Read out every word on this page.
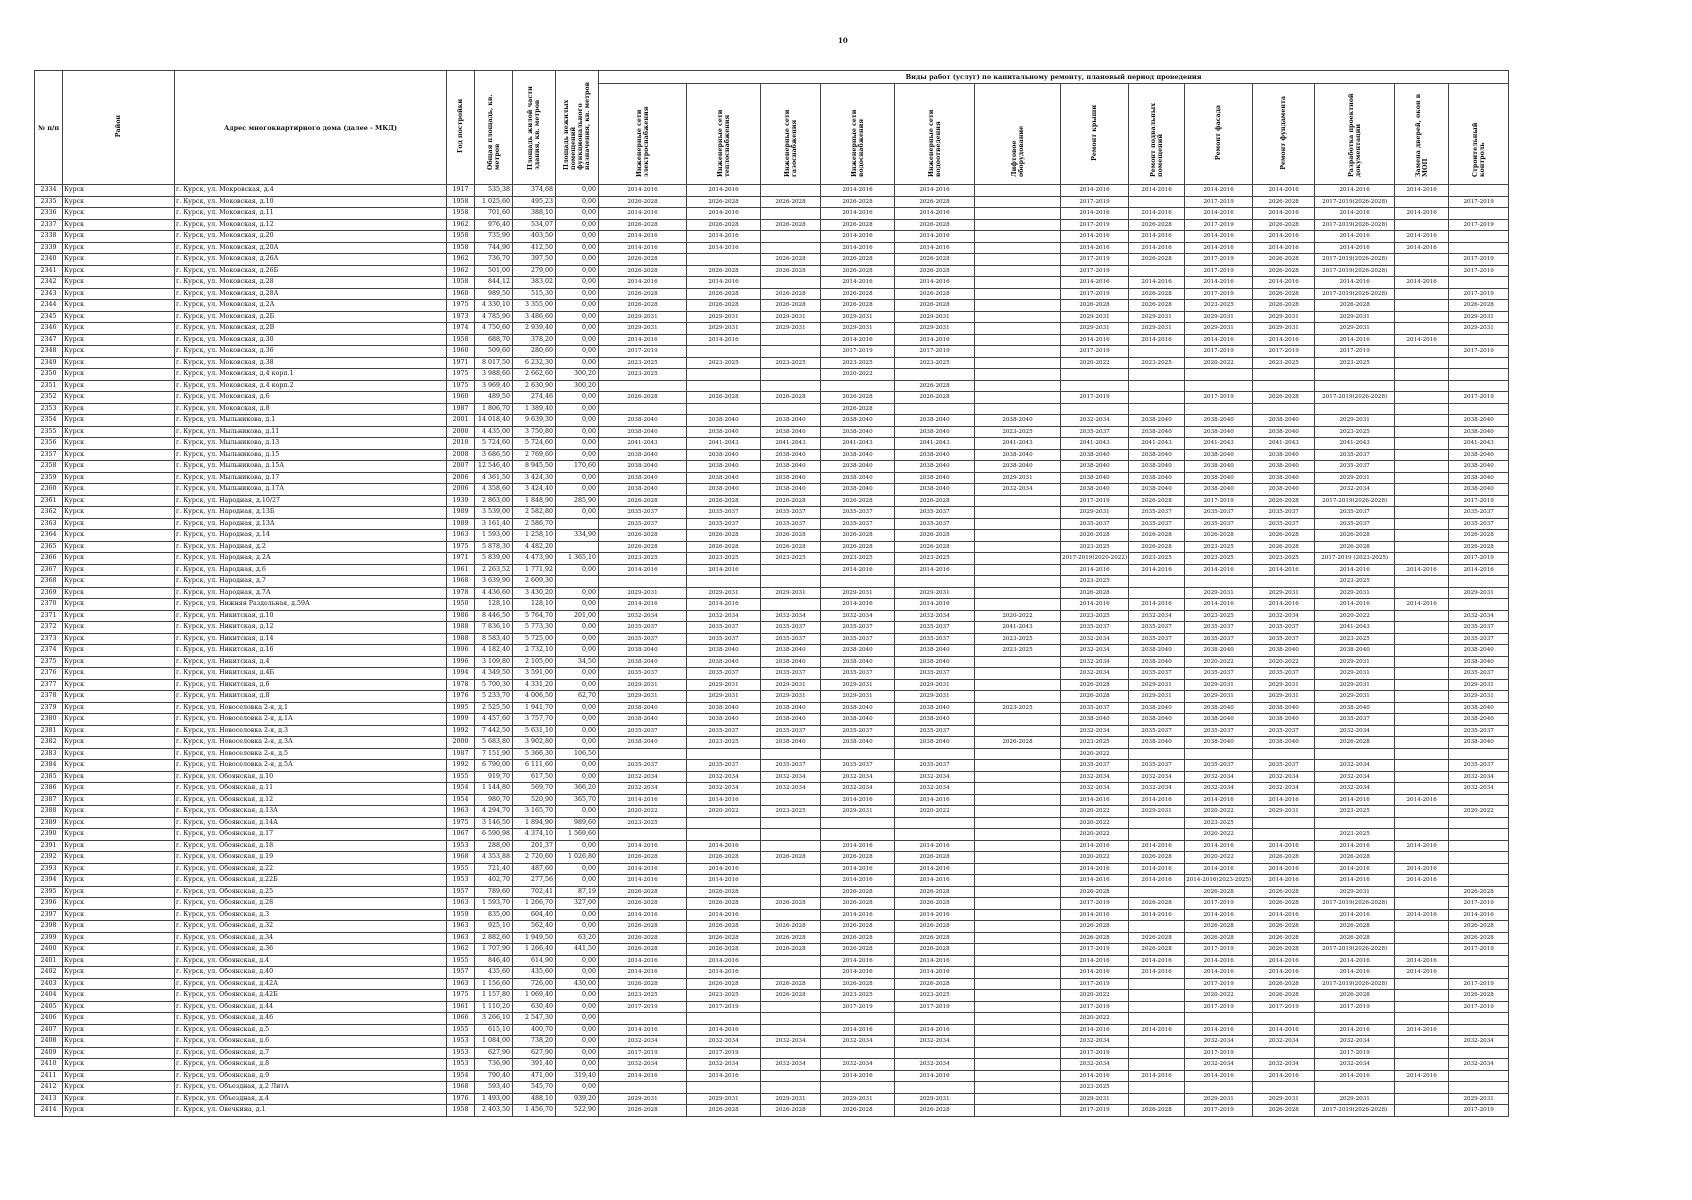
10
№ п/п	Район	Адрес многоквартирного дома (далее - МКД)	Год постройки	Общая площадь, кв. метров	Площадь жилой части здания, кв. метров	Площадь нежилых помещений функционального назначения, кв. метров	Виды работ (услуг) по капитальному ремонту, плановый период проведения												
							Инженерные сети электроснабжения	Инженерные сети теплоснабжения	Инженерные сети газоснабжения	Инженерные сети водоснабжения	Инженерные сети водоотведения	Лифтовое оборудование	Ремонт крыши	Ремонт подвальных помещений	Ремонт фасада	Ремонт фундамента	Разработка проектной документации	Замена дверей, окон в МОП	Строительный контроль
2334	Курск	г. Курск, ул. Мокровская, д.4	1917	535,38	374,68	0,00	2014-2016	2014-2016		2014-2016	2014-2016		2014-2016	2014-2016	2014-2016	2014-2016	2014-2016	2014-2016	
2335	Курск	г. Курск, ул. Моковская, д.10	1958	1 025,60	495,23	0,00	2026-2028	2026-2028	2026-2028	2026-2028	2026-2028		2017-2019		2017-2019	2026-2028	2017-2019(2026-2028)		2017-2019
2336	Курск	г. Курск, ул. Моковская, д.11	1958	701,60	388,10	0,00	2014-2016	2014-2016		2014-2016	2014-2016		2014-2016	2014-2016	2014-2016	2014-2016	2014-2016	2014-2016	
2337	Курск	г. Курск, ул. Моковская, д.12	1962	976,40	534,07	0,00	2026-2028	2026-2028	2026-2028	2026-2028	2026-2028		2017-2019	2026-2028	2017-2019	2026-2028	2017-2019(2026-2028)		2017-2019
2338	Курск	г. Курск, ул. Моковская, д.20	1958	735,90	403,50	0,00	2014-2016	2014-2016		2014-2016	2014-2016		2014-2016	2014-2016	2014-2016	2014-2016	2014-2016	2014-2016	
2339	Курск	г. Курск, ул. Моковская, д.20А	1958	744,90	412,50	0,00	2014-2016	2014-2016		2014-2016	2014-2016		2014-2016	2014-2016	2014-2016	2014-2016	2014-2016	2014-2016	
2340	Курск	г. Курск, ул. Моковская, д.26А	1962	736,70	397,50	0,00	2026-2028		2026-2028	2026-2028	2026-2028		2017-2019	2026-2028	2017-2019	2026-2028	2017-2019(2026-2028)		2017-2019
2341	Курск	г. Курск, ул. Моковская, д.26Б	1962	501,00	279,00	0,00	2026-2028	2026-2028	2026-2028	2026-2028	2026-2028		2017-2019		2017-2019	2026-2028	2017-2019(2026-2028)		2017-2019
2342	Курск	г. Курск, ул. Моковская, д.28	1958	844,12	383,02	0,00	2014-2016	2014-2016		2014-2016	2014-2016		2014-2016	2014-2016	2014-2016	2014-2016	2014-2016	2014-2016	
2343	Курск	г. Курск, ул. Моковская, д.28А	1960	989,50	515,30	0,00	2026-2028	2026-2028	2026-2028	2026-2028	2026-2028		2017-2019	2026-2028	2017-2019	2026-2028	2017-2019(2026-2028)		2017-2019
2344	Курск	г. Курск, ул. Моковская, д.2А	1975	4 330,10	3 355,00	0,00	2026-2028	2026-2028	2026-2028	2026-2028	2026-2028		2026-2028	2026-2028	2023-2025	2026-2028	2026-2028		2026-2028
2345	Курск	г. Курск, ул. Моковская, д.2Б	1973	4 785,90	3 486,60	0,00	2029-2031	2029-2031	2029-2031	2029-2031	2029-2031		2029-2031	2029-2031	2029-2031	2029-2031	2029-2031		2029-2031
2346	Курск	г. Курск, ул. Моковская, д.2В	1974	4 750,60	2 939,40	0,00	2029-2031	2029-2031	2029-2031	2029-2031	2029-2031		2029-2031	2029-2031	2029-2031	2029-2031	2029-2031		2029-2031
2347	Курск	г. Курск, ул. Моковская, д.30	1958	688,70	378,20	0,00	2014-2016	2014-2016		2014-2016	2014-2016		2014-2016	2014-2016	2014-2016	2014-2016	2014-2016	2014-2016	
2348	Курск	г. Курск, ул. Моковская, д.36	1960	509,60	280,60	0,00	2017-2019			2017-2019	2017-2019		2017-2019		2017-2019	2017-2019	2017-2019		2017-2019
2349	Курск	г. Курск, ул. Моковская, д.38	1971	8 017,50	6 232,30	0,00	2023-2025	2023-2025	2023-2025	2023-2025	2023-2025		2020-2022	2023-2025	2020-2022	2023-2025	2023-2025		
2350	Курск	г. Курск, ул. Моковская, д.4 корп.1	1975	3 988,60	2 662,60	300,20	2023-2025			2020-2022									
2351	Курск	г. Курск, ул. Моковская, д.4 корп.2	1975	3 969,40	2 630,90	300,20					2026-2028								
2352	Курск	г. Курск, ул. Моковская, д.6	1960	489,50	274,46	0,00	2026-2028	2026-2028	2026-2028	2026-2028	2026-2028		2017-2019		2017-2019	2026-2028	2017-2019(2026-2028)		2017-2019
2353	Курск	г. Курск, ул. Моковская, д.8	1987	1 806,70	1 389,40	0,00				2026-2028									
2354	Курск	г. Курск, ул. Мыльникова, д.1	2001	14 018,40	9 639,30	0,00	2038-2040	2038-2040	2038-2040	2038-2040	2038-2040	2038-2040	2032-2034	2038-2040	2038-2040	2038-2040	2029-2031		2038-2040
2355	Курск	г. Курск, ул. Мыльникова, д.11	2000	4 435,00	3 750,80	0,00	2038-2040	2038-2040	2038-2040	2038-2040	2038-2040	2023-2025	2035-2037	2038-2040	2038-2040	2038-2040	2023-2025		2038-2040
2356	Курск	г. Курск, ул. Мыльникова, д.13	2010	5 724,60	5 724,60	0,00	2041-2043	2041-2043	2041-2043	2041-2043	2041-2043	2041-2043	2041-2043	2041-2043	2041-2043	2041-2043	2041-2043		2041-2043
2357	Курск	г. Курск, ул. Мыльникова, д.15	2008	3 686,50	2 769,60	0,00	2038-2040	2038-2040	2038-2040	2038-2040	2038-2040	2038-2040	2038-2040	2038-2040	2038-2040	2038-2040	2035-2037		2038-2040
2358	Курск	г. Курск, ул. Мыльникова, д.15А	2007	12 546,40	8 945,50	170,60	2038-2040	2038-2040	2038-2040	2038-2040	2038-2040	2038-2040	2038-2040	2038-2040	2038-2040	2038-2040	2035-2037		2038-2040
2359	Курск	г. Курск, ул. Мыльникова, д.17	2006	4 361,50	3 424,30	0,00	2038-2040	2038-2040	2038-2040	2038-2040	2038-2040	2029-2031	2038-2040	2038-2040	2038-2040	2038-2040	2029-2031		2038-2040
2360	Курск	г. Курск, ул. Мыльникова, д.17А	2006	4 358,60	3 424,40	0,00	2038-2040	2038-2040	2038-2040	2038-2040	2038-2040	2032-2034	2038-2040	2038-2040	2038-2040	2038-2040	2032-2034		2038-2040
2361	Курск	г. Курск, ул. Народная, д.10/27	1939	2 863,00	1 848,90	285,90	2026-2028	2026-2028	2026-2028	2026-2028	2026-2028		2017-2019	2026-2028	2017-2019	2026-2028	2017-2019(2026-2028)		2017-2019
2362	Курск	г. Курск, ул. Народная, д.13Б	1989	3 539,00	2 582,80	0,00	2035-2037	2035-2037	2035-2037	2035-2037	2035-2037		2029-2031	2035-2037	2035-2037	2035-2037	2035-2037		2035-2037
2363	Курск	г. Курск, ул. Народная, д.13А	1989	3 161,40	2 586,70		2035-2037	2035-2037	2035-2037	2035-2037	2035-2037		2035-2037	2035-2037	2035-2037	2035-2037	2035-2037		2035-2037
2364	Курск	г. Курск, ул. Народная, д.14	1963	1 593,00	1 258,10	334,90	2026-2028	2026-2028	2026-2028	2026-2028	2026-2028		2026-2028	2026-2028	2026-2028	2026-2028	2026-2028		2026-2028
2365	Курск	г. Курск, ул. Народная, д.2	1975	5 878,30	4 482,20		2026-2028	2026-2028	2026-2028	2026-2028	2026-2028		2023-2025	2026-2028	2023-2025	2026-2028	2026-2028		2026-2028
2366	Курск	г. Курск, ул. Народная, д.2А	1971	5 839,00	4 473,90	1 365,10	2023-2025	2023-2025	2023-2025	2023-2025	2023-2025		2017-2019(2020-2022)	2023-2025	2023-2025	2023-2025	2017-2019 (2023-2025)		2017-2019
2367	Курск	г. Курск, ул. Народная, д.6	1961	2 263,52	1 771,92	0,00	2014-2016	2014-2016		2014-2016	2014-2016		2014-2016	2014-2016	2014-2016	2014-2016	2014-2016	2014-2016	2014-2016
2368	Курск	г. Курск, ул. Народная, д.7	1968	3 639,90	2 609,30								2023-2025				2023-2025		
2369	Курск	г. Курск, ул. Народная, д.7А	1978	4 436,60	3 430,20	0,00	2029-2031	2029-2031	2029-2031	2029-2031	2029-2031		2026-2028		2029-2031	2029-2031	2029-2031		2029-2031
2370	Курск	г. Курск, ул. Нижняя Раздельная, д.59А	1950	128,10	128,10	0,00	2014-2016	2014-2016		2014-2016	2014-2016		2014-2016	2014-2016	2014-2016	2014-2016	2014-2016	2014-2016	
2371	Курск	г. Курск, ул. Никитская, д.10	1986	8 446,50	5 764,70	201,00	2032-2034	2032-2034	2032-2034	2032-2034	2032-2034	2020-2022	2023-2025	2032-2034	2023-2025	2032-2034	2020-2022		2032-2034
2372	Курск	г. Курск, ул. Никитская, д.12	1988	7 836,10	5 773,30	0,00	2035-2037	2035-2037	2035-2037	2035-2037	2035-2037	2041-2043	2035-2037	2035-2037	2035-2037	2035-2037	2041-2043		2035-2037
2373	Курск	г. Курск, ул. Никитская, д.14	1988	8 583,40	5 725,00	0,00	2035-2037	2035-2037	2035-2037	2035-2037	2035-2037	2023-2025	2032-2034	2035-2037	2035-2037	2035-2037	2023-2025		2035-2037
2374	Курск	г. Курск, ул. Никитская, д.16	1996	4 182,40	2 732,10	0,00	2038-2040	2038-2040	2038-2040	2038-2040	2038-2040	2023-2025	2032-2034	2038-2040	2038-2040	2038-2040	2038-2040		2038-2040
2375	Курск	г. Курск, ул. Никитская, д.4	1996	3 109,80	2 105,00	34,50	2038-2040	2038-2040	2038-2040	2038-2040	2038-2040		2032-2034	2038-2040	2020-2022	2020-2022	2029-2031		2038-2040
2376	Курск	г. Курск, ул. Никитская, д.4Б	1994	4 349,50	3 591,00	0,00	2035-2037	2035-2037	2035-2037	2035-2037	2035-2037		2032-2034	2035-2037	2035-2037	2035-2037	2029-2031		2035-2037
2377	Курск	г. Курск, ул. Никитская, д.6	1978	5 700,30	4 331,20	0,00	2029-2031	2029-2031	2029-2031	2029-2031	2029-2031		2026-2028	2029-2031	2029-2031	2029-2031	2029-2031		2029-2031
2378	Курск	г. Курск, ул. Никитская, д.8	1976	5 233,70	4 006,50	62,70	2029-2031	2029-2031	2029-2031	2029-2031	2029-2031		2026-2028	2029-2031	2029-2031	2029-2031	2029-2031		2029-2031
2379	Курск	г. Курск, ул. Новоселовка 2-я, д.1	1995	2 525,50	1 941,70	0,00	2038-2040	2038-2040	2038-2040	2038-2040	2038-2040	2023-2025	2035-2037	2038-2040	2038-2040	2038-2040	2038-2040		2038-2040
2380	Курск	г. Курск, ул. Новоселовка 2-я, д.1А	1999	4 457,60	3 757,70	0,00	2038-2040	2038-2040	2038-2040	2038-2040	2038-2040		2038-2040	2038-2040	2038-2040	2038-2040	2035-2037		2038-2040
2381	Курск	г. Курск, ул. Новоселовка 2-я, д.3	1992	7 442,50	5 631,10	0,00	2035-2037	2035-2037	2035-2037	2035-2037	2035-2037		2032-2034	2035-2037	2035-2037	2035-2037	2032-2034		2035-2037
2382	Курск	г. Курск, ул. Новоселовка 2-я, д.3А	2000	5 683,80	3 902,80	0,00	2038-2040	2023-2025	2038-2040	2038-2040	2038-2040	2026-2028	2023-2025	2038-2040	2038-2040	2038-2040	2026-2028		2038-2040
2383	Курск	г. Курск, ул. Новоселовка 2-я, д.5	1987	7 151,90	5 366,30	106,50							2020-2022						
2384	Курск	г. Курск, ул. Новоселовка 2-я, д.5А	1992	6 790,00	6 111,60	0,00	2035-2037	2035-2037	2035-2037	2035-2037	2035-2037		2035-2037	2035-2037	2035-2037	2035-2037	2032-2034		2035-2037
2385	Курск	г. Курск, ул. Обоянская, д.10	1955	919,70	617,50	0,00	2032-2034	2032-2034	2032-2034	2032-2034	2032-2034		2032-2034	2032-2034	2032-2034	2032-2034	2032-2034		2032-2034
2386	Курск	г. Курск, ул. Обоянская, д.11	1954	1 144,80	569,70	366,20	2032-2034	2032-2034	2032-2034	2032-2034	2032-2034		2032-2034	2032-2034	2032-2034	2032-2034	2032-2034		2032-2034
2387	Курск	г. Курск, ул. Обоянская, д.12	1954	980,70	520,90	365,70	2014-2016	2014-2016		2014-2016	2014-2016		2014-2016	2014-2016	2014-2016	2014-2016	2014-2016	2014-2016	
2388	Курск	г. Курск, ул. Обоянская, д.13А	1963	4 294,70	3 165,70	0,00	2020-2022	2020-2022	2023-2025	2029-2031	2020-2022		2020-2022	2029-2031	2020-2022	2029-2031	2023-2025		2020-2022
2389	Курск	г. Курск, ул. Обоянская, д.14А	1975	3 146,50	1 894,90	989,60	2023-2025						2020-2022		2023-2025				
2390	Курск	г. Курск, ул. Обоянская, д.17	1967	6 590,98	4 374,10	1 569,60							2020-2022		2020-2022		2023-2025		
2391	Курск	г. Курск, ул. Обоянская, д.18	1953	288,00	201,37	0,00	2014-2016	2014-2016		2014-2016	2014-2016		2014-2016	2014-2016	2014-2016	2014-2016	2014-2016	2014-2016	
2392	Курск	г. Курск, ул. Обоянская, д.19	1968	4 353,88	2 720,60	1 026,80	2026-2028	2026-2028	2026-2028	2026-2028	2026-2028		2020-2022	2026-2028	2020-2022	2026-2028	2026-2028		
2393	Курск	г. Курск, ул. Обоянская, д.22	1955	721,40	487,60	0,00	2014-2016	2014-2016		2014-2016	2014-2016		2014-2016	2014-2016	2014-2016	2014-2016	2014-2016	2014-2016	
2394	Курск	г. Курск, ул. Обоянская, д.22Б	1953	402,70	277,56	0,00	2014-2016	2014-2016		2014-2016	2014-2016		2014-2016	2014-2016	2014-2016(2023-2025)	2014-2016	2014-2016	2014-2016	
2395	Курск	г. Курск, ул. Обоянская, д.25	1957	789,60	702,41	87,19	2026-2028	2026-2028		2026-2028	2026-2028		2026-2028		2026-2028	2026-2028	2029-2031		2026-2028
2396	Курск	г. Курск, ул. Обоянская, д.28	1963	1 593,70	1 266,70	327,00	2026-2028	2026-2028	2026-2028	2026-2028	2026-2028		2017-2019	2026-2028	2017-2019	2026-2028	2017-2019(2026-2028)		2017-2019
2397	Курск	г. Курск, ул. Обоянская, д.3	1959	835,00	604,40	0,00	2014-2016	2014-2016		2014-2016	2014-2016		2014-2016	2014-2016	2014-2016	2014-2016	2014-2016	2014-2016	2014-2016
2398	Курск	г. Курск, ул. Обоянская, д.32	1963	925,10	562,40	0,00	2026-2028	2026-2028	2026-2028	2026-2028	2026-2028		2026-2028		2026-2028	2026-2028	2026-2028		2026-2028
2399	Курск	г. Курск, ул. Обоянская, д.34	1963	2 882,60	1 949,50	63,20	2026-2028	2026-2028	2026-2028	2026-2028	2026-2028		2026-2028	2026-2028	2026-2028	2026-2028	2026-2028		2026-2028
2400	Курск	г. Курск, ул. Обоянская, д.36	1962	1 707,90	1 266,40	441,50	2026-2028	2026-2028	2026-2028	2026-2028	2026-2028		2017-2019	2026-2028	2017-2019	2026-2028	2017-2019(2026-2028)		2017-2019
2401	Курск	г. Курск, ул. Обоянская, д.4	1955	846,40	614,90	0,00	2014-2016	2014-2016		2014-2016	2014-2016		2014-2016	2014-2016	2014-2016	2014-2016	2014-2016	2014-2016	
2402	Курск	г. Курск, ул. Обоянская, д.40	1957	435,60	435,60	0,00	2014-2016	2014-2016		2014-2016	2014-2016		2014-2016	2014-2016	2014-2016	2014-2016	2014-2016	2014-2016	
2403	Курск	г. Курск, ул. Обоянская, д.42А	1963	1 156,60	726,00	430,00	2026-2028	2026-2028	2026-2028	2026-2028	2026-2028		2017-2019		2017-2019	2026-2028	2017-2019(2026-2028)		2017-2019
2404	Курск	г. Курск, ул. Обоянская, д.42Б	1975	1 157,80	1 069,40	0,00	2023-2025	2023-2025	2026-2028	2023-2025	2023-2025		2020-2022		2020-2022	2026-2028	2026-2028		2026-2028
2405	Курск	г. Курск, ул. Обоянская, д.44	1961	1 110,20	630,40	0,00	2017-2019	2017-2019		2017-2019	2017-2019		2017-2019		2017-2019	2017-2019	2017-2019		2017-2019
2406	Курск	г. Курск, ул. Обоянская, д.46	1966	3 266,10	2 547,30	0,00							2020-2022						
2407	Курск	г. Курск, ул. Обоянская, д.5	1955	615,10	400,70	0,00	2014-2016	2014-2016		2014-2016	2014-2016		2014-2016	2014-2016	2014-2016	2014-2016	2014-2016	2014-2016	
2408	Курск	г. Курск, ул. Обоянская, д.6	1953	1 084,00	738,20	0,00	2032-2034	2032-2034	2032-2034	2032-2034	2032-2034		2032-2034		2032-2034	2032-2034	2032-2034		2032-2034
2409	Курск	г. Курск, ул. Обоянская, д.7	1953	627,90	627,90	0,00	2017-2019	2017-2019					2017-2019		2017-2019		2017-2019		
2410	Курск	г. Курск, ул. Обоянская, д.8	1953	736,90	391,40	0,00	2032-2034	2032-2034	2032-2034	2032-2034	2032-2034		2032-2034		2032-2034	2032-2034	2032-2034		2032-2034
2411	Курск	г. Курск, ул. Обоянская, д.9	1954	790,40	471,00	319,40	2014-2016	2014-2016		2014-2016	2014-2016		2014-2016	2014-2016	2014-2016	2014-2016	2014-2016	2014-2016	
2412	Курск	г. Курск, ул. Объездная, д.2 ЛитА	1968	593,40	545,70	0,00							2023-2025						
2413	Курск	г. Курск, ул. Объездная, д.4	1976	1 493,00	488,10	939,20	2029-2031	2029-2031	2029-2031	2029-2031	2029-2031		2029-2031		2029-2031	2029-2031	2029-2031		2029-2031
2414	Курск	г. Курск, ул. Овечкина, д.1	1958	2 403,50	1 456,70	522,90	2026-2028	2026-2028	2026-2028	2026-2028	2026-2028		2017-2019	2026-2028	2017-2019	2026-2028	2017-2019(2026-2028)		2017-2019
